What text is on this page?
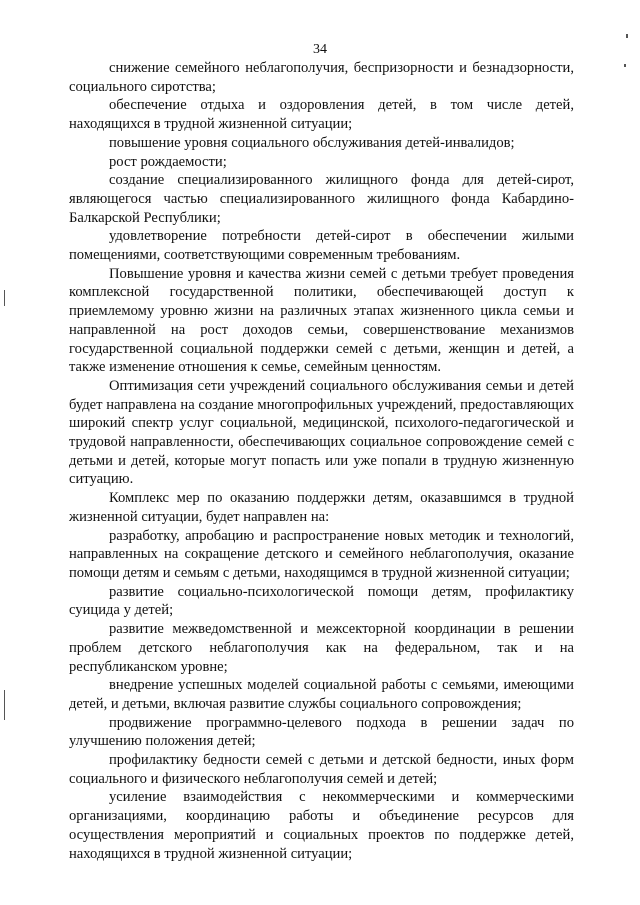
34

снижение семейного неблагополучия, беспризорности и безнадзорности, социального сиротства;

обеспечение отдыха и оздоровления детей, в том числе детей, находящихся в трудной жизненной ситуации;

повышение уровня социального обслуживания детей-инвалидов;

рост рождаемости;

создание специализированного жилищного фонда для детей-сирот, являющегося частью специализированного жилищного фонда Кабардино-Балкарской Республики;

удовлетворение потребности детей-сирот в обеспечении жилыми помещениями, соответствующими современным требованиям.

Повышение уровня и качества жизни семей с детьми требует проведения комплексной государственной политики, обеспечивающей доступ к приемлемому уровню жизни на различных этапах жизненного цикла семьи и направленной на рост доходов семьи, совершенствование механизмов государственной социальной поддержки семей с детьми, женщин и детей, а также изменение отношения к семье, семейным ценностям.

Оптимизация сети учреждений социального обслуживания семьи и детей будет направлена на создание многопрофильных учреждений, предоставляющих широкий спектр услуг социальной, медицинской, психолого-педагогической и трудовой направленности, обеспечивающих социальное сопровождение семей с детьми и детей, которые могут попасть или уже попали в трудную жизненную ситуацию.

Комплекс мер по оказанию поддержки детям, оказавшимся в трудной жизненной ситуации, будет направлен на:

разработку, апробацию и распространение новых методик и технологий, направленных на сокращение детского и семейного неблагополучия, оказание помощи детям и семьям с детьми, находящимся в трудной жизненной ситуации;

развитие социально-психологической помощи детям, профилактику суицида у детей;

развитие межведомственной и межсекторной координации в решении проблем детского неблагополучия как на федеральном, так и на республиканском уровне;

внедрение успешных моделей социальной работы с семьями, имеющими детей, и детьми, включая развитие службы социального сопровождения;

продвижение программно-целевого подхода в решении задач по улучшению положения детей;

профилактику бедности семей с детьми и детской бедности, иных форм социального и физического неблагополучия семей и детей;

усиление взаимодействия с некоммерческими и коммерческими организациями, координацию работы и объединение ресурсов для осуществления мероприятий и социальных проектов по поддержке детей, находящихся в трудной жизненной ситуации;
